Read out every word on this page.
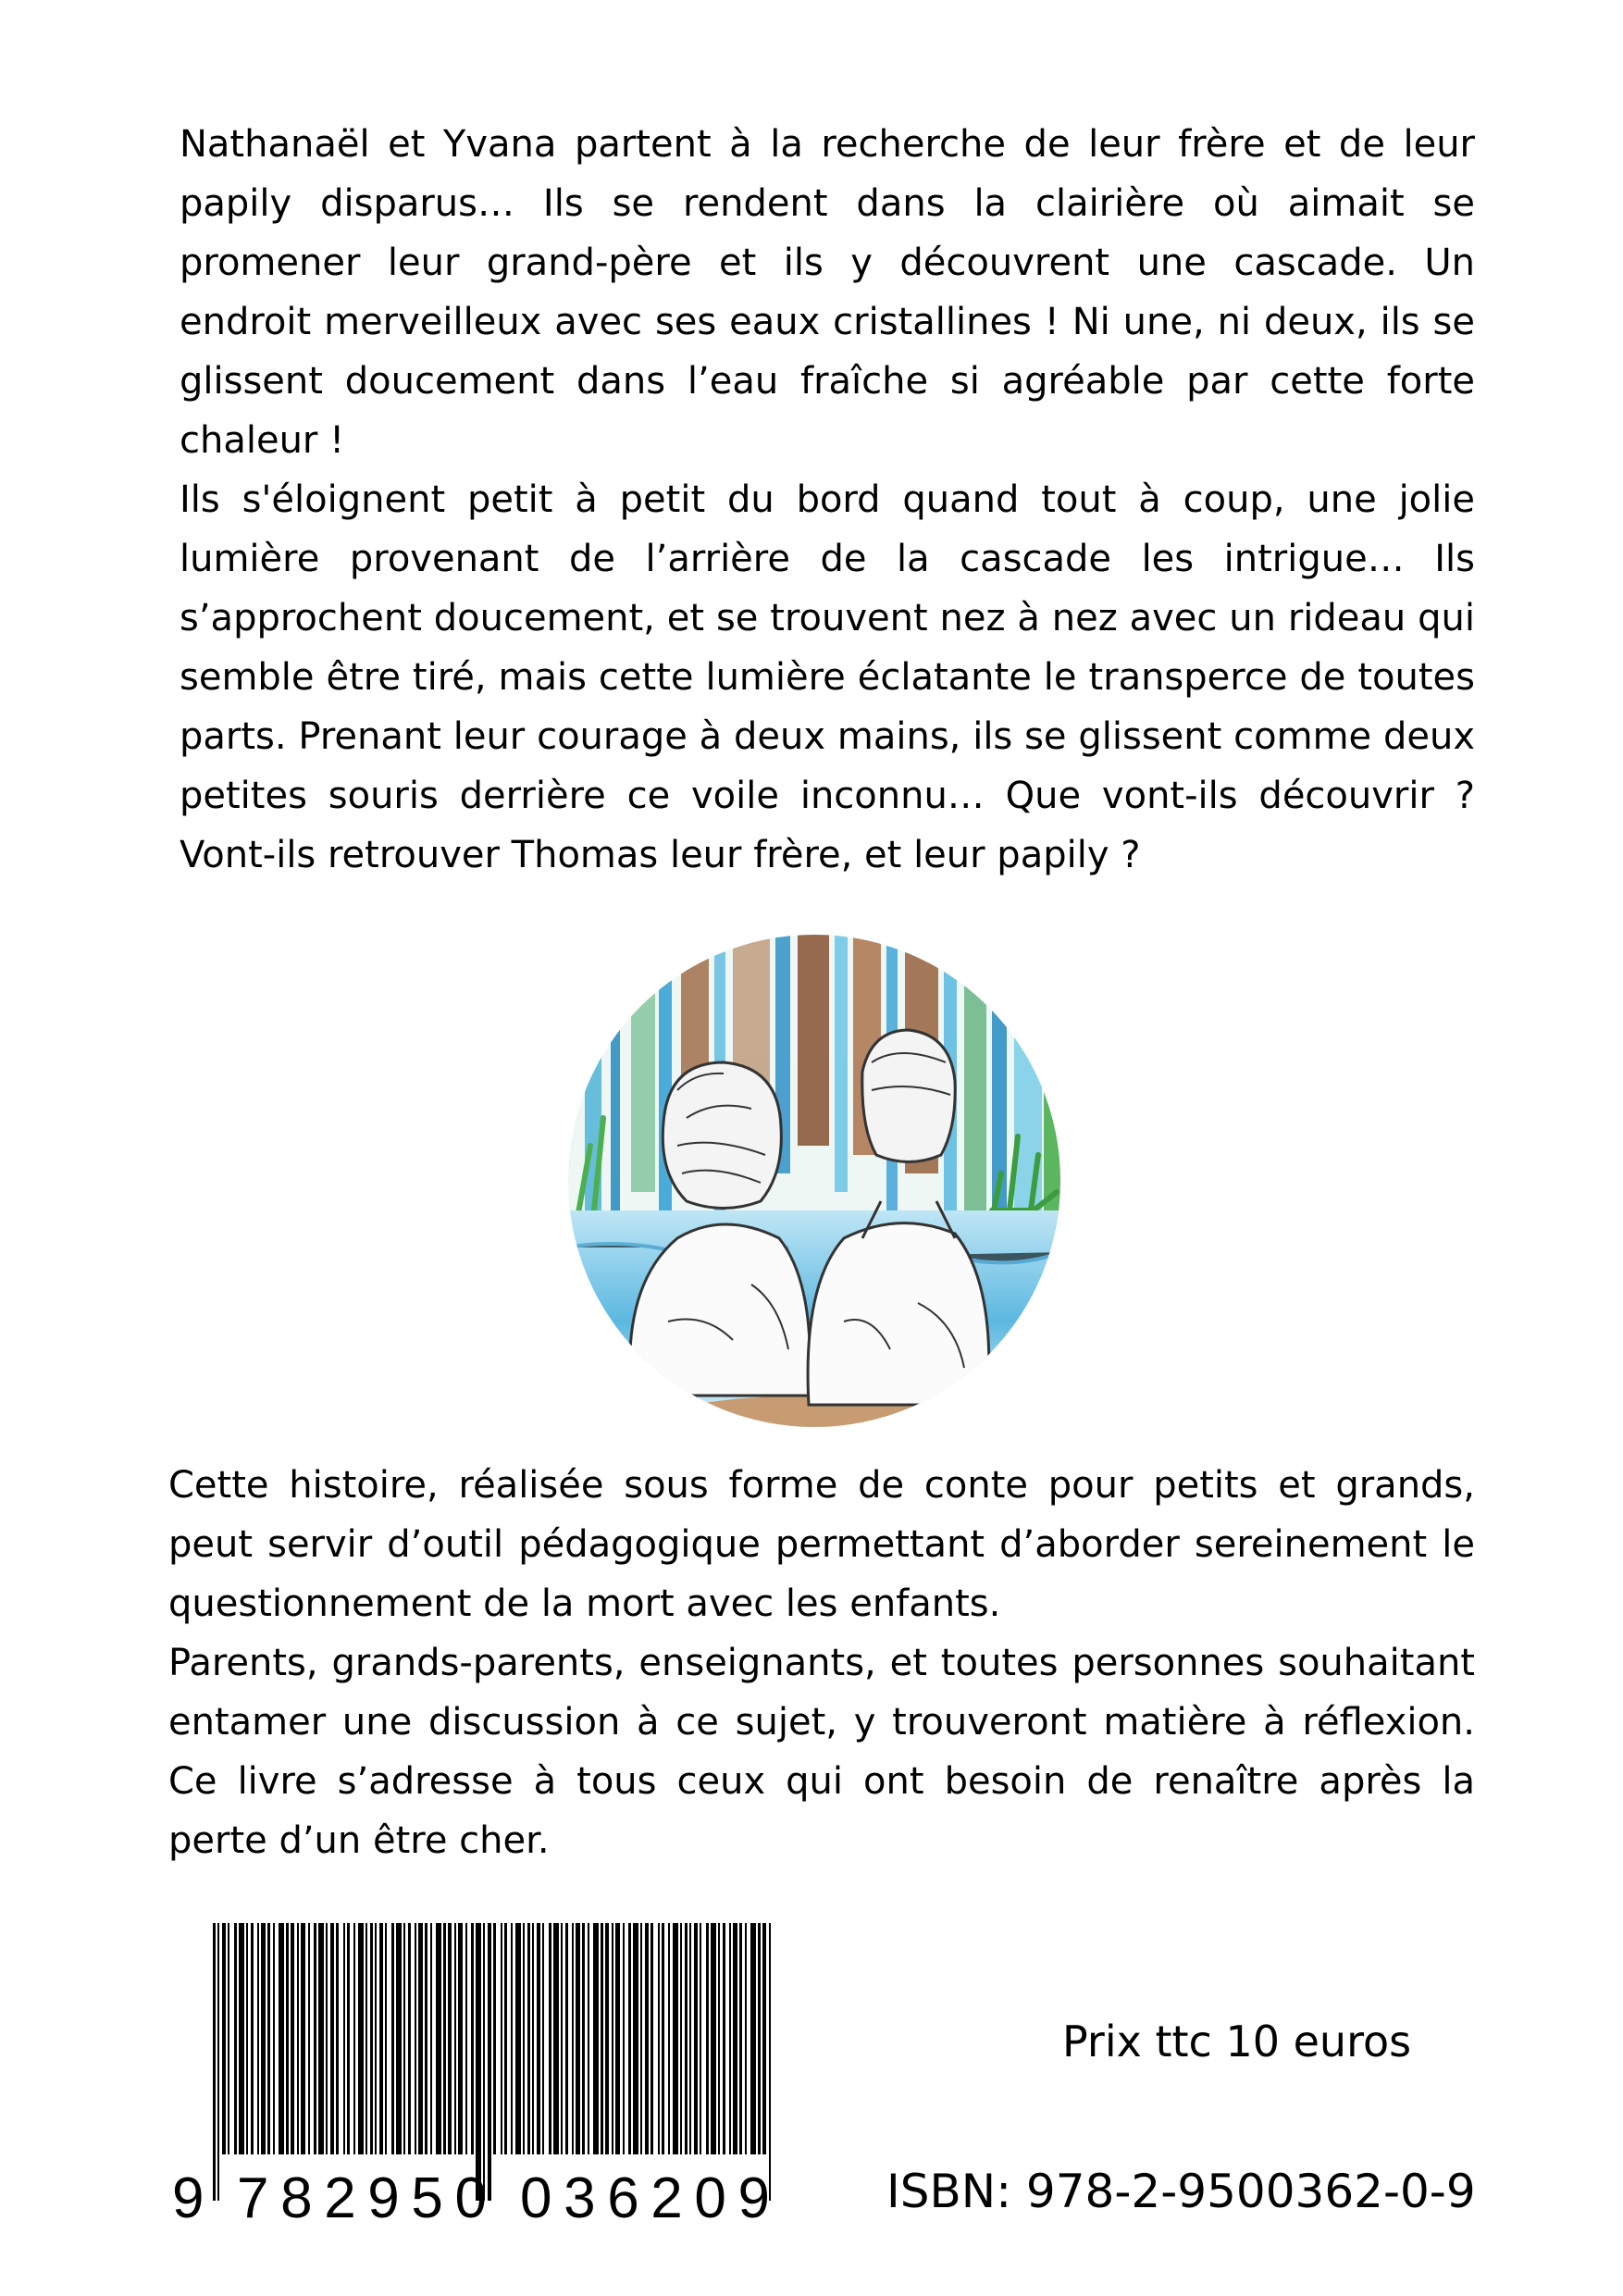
Nathanaël et Yvana partent à la recherche de leur frère et de leur papily disparus… Ils se rendent dans la clairière où aimait se promener leur grand-père et ils y découvrent une cascade. Un endroit merveilleux avec ses eaux cristallines ! Ni une, ni deux, ils se glissent doucement dans l’eau fraîche si agréable par cette forte chaleur !

Ils s'éloignent petit à petit du bord quand tout à coup, une jolie lumière provenant de l’arrière de la cascade les intrigue… Ils s’approchent doucement, et se trouvent nez à nez avec un rideau qui semble être tiré, mais cette lumière éclatante le transperce de toutes parts. Prenant leur courage à deux mains, ils se glissent comme deux petites souris derrière ce voile inconnu… Que vont-ils découvrir ? Vont-ils retrouver Thomas leur frère, et leur papily ?

Cette histoire, réalisée sous forme de conte pour petits et grands, peut servir d’outil pédagogique permettant d’aborder sereinement le questionnement de la mort avec les enfants.

Parents, grands-parents, enseignants, et toutes personnes souhaitant entamer une discussion à ce sujet, y trouveront matière à réflexion. Ce livre s’adresse à tous ceux qui ont besoin de renaître après la perte d’un être cher.

9 782950 036209
Prix ttc 10 euros
ISBN: 978-2-9500362-0-9
